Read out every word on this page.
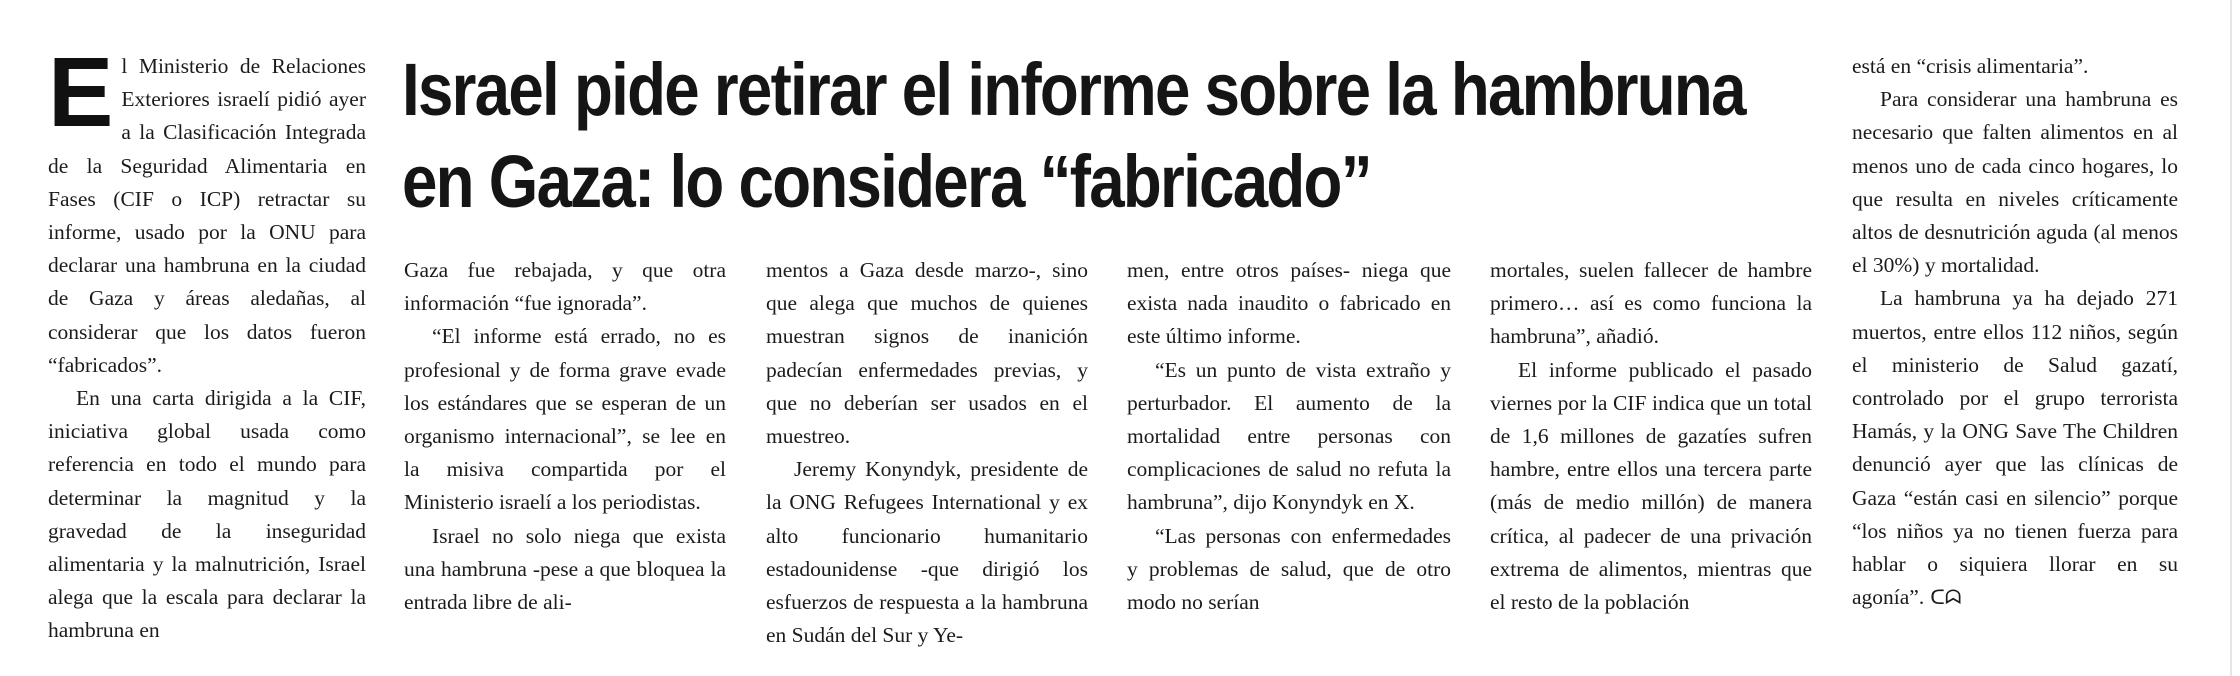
Israel pide retirar el informe sobre la hambruna en Gaza: lo considera “fabricado”

El Ministerio de Relaciones Exteriores israelí pidió ayer a la Clasificación Integrada de la Seguridad Alimentaria en Fases (CIF o ICP) retractar su informe, usado por la ONU para declarar una hambruna en la ciudad de Gaza y áreas aledañas, al considerar que los datos fueron “fabricados”.

En una carta dirigida a la CIF, iniciativa global usada como referencia en todo el mundo para determinar la magnitud y la gravedad de la inseguridad alimentaria y la malnutrición, Israel alega que la escala para declarar la hambruna en

Gaza fue rebajada, y que otra información “fue ignorada”.

“El informe está errado, no es profesional y de forma grave evade los estándares que se esperan de un organismo internacional”, se lee en la misiva compartida por el Ministerio israelí a los periodistas.

Israel no solo niega que exista una hambruna -pese a que bloquea la entrada libre de ali-

mentos a Gaza desde marzo-, sino que alega que muchos de quienes muestran signos de inanición padecían enfermedades previas, y que no deberían ser usados en el muestreo.

Jeremy Konyndyk, presidente de la ONG Refugees International y ex alto funcionario humanitario estadounidense -que dirigió los esfuerzos de respuesta a la hambruna en Sudán del Sur y Ye-

men, entre otros países- niega que exista nada inaudito o fabricado en este último informe.

“Es un punto de vista extraño y perturbador. El aumento de la mortalidad entre personas con complicaciones de salud no refuta la hambruna”, dijo Konyndyk en X.

“Las personas con enfermedades y problemas de salud, que de otro modo no serían

mortales, suelen fallecer de hambre primero… así es como funciona la hambruna”, añadió.

El informe publicado el pasado viernes por la CIF indica que un total de 1,6 millones de gazatíes sufren hambre, entre ellos una tercera parte (más de medio millón) de manera crítica, al padecer de una privación extrema de alimentos, mientras que el resto de la población

está en “crisis alimentaria”.

Para considerar una hambruna es necesario que falten alimentos en al menos uno de cada cinco hogares, lo que resulta en niveles críticamente altos de desnutrición aguda (al menos el 30%) y mortalidad.

La hambruna ya ha dejado 271 muertos, entre ellos 112 niños, según el ministerio de Salud gazatí, controlado por el grupo terrorista Hamás, y la ONG Save The Children denunció ayer que las clínicas de Gaza “están casi en silencio” porque “los niños ya no tienen fuerza para hablar o siquiera llorar en su agonía”. ᑕᗣ
